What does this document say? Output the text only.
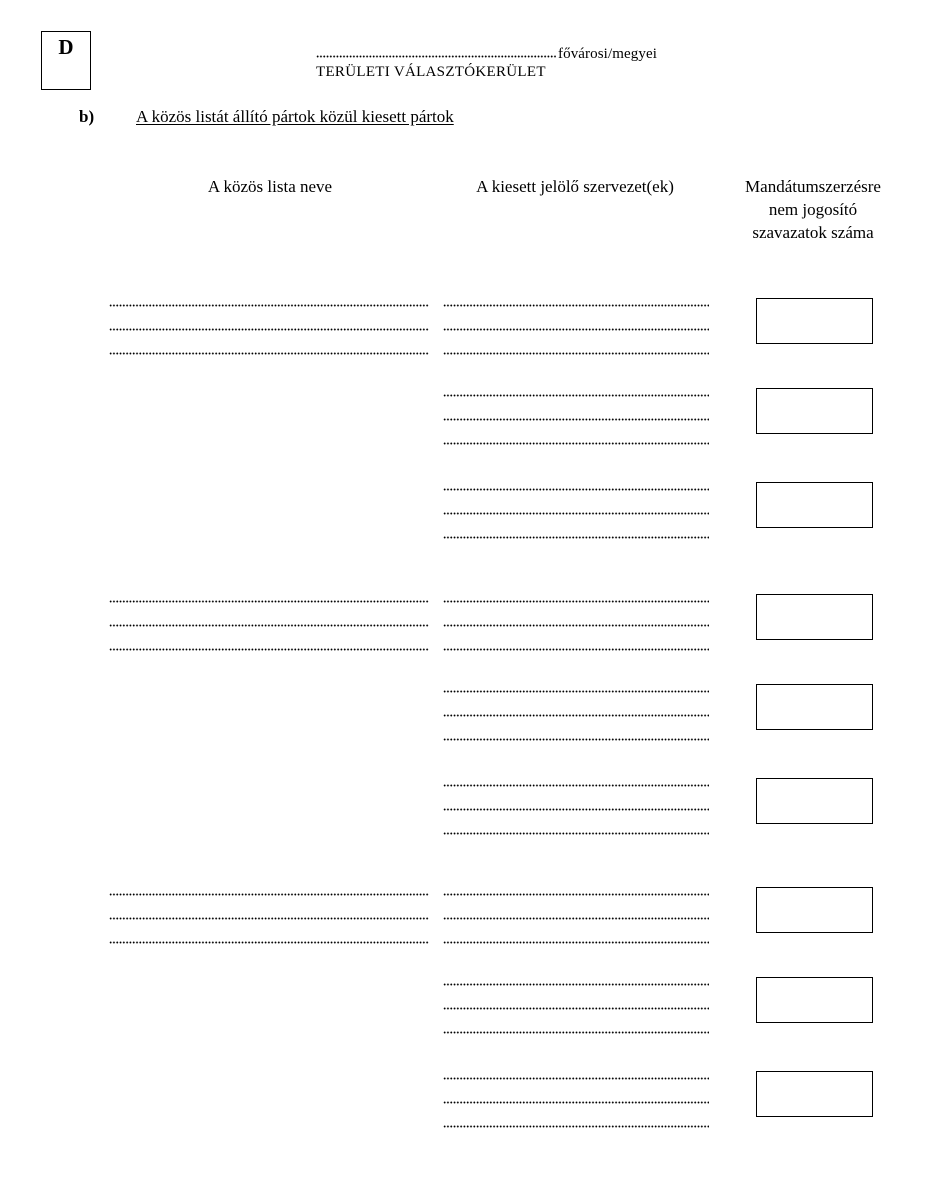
D	fővárosi/megyei
TERÜLETI VÁLASZTÓKERÜLET
b) A közös listát állító pártok közül kiesett pártok
A közös lista neve	A kiesett jelölő szervezet(ek)	Mandátumszerzésre
nem jogosító
szavazatok száma
